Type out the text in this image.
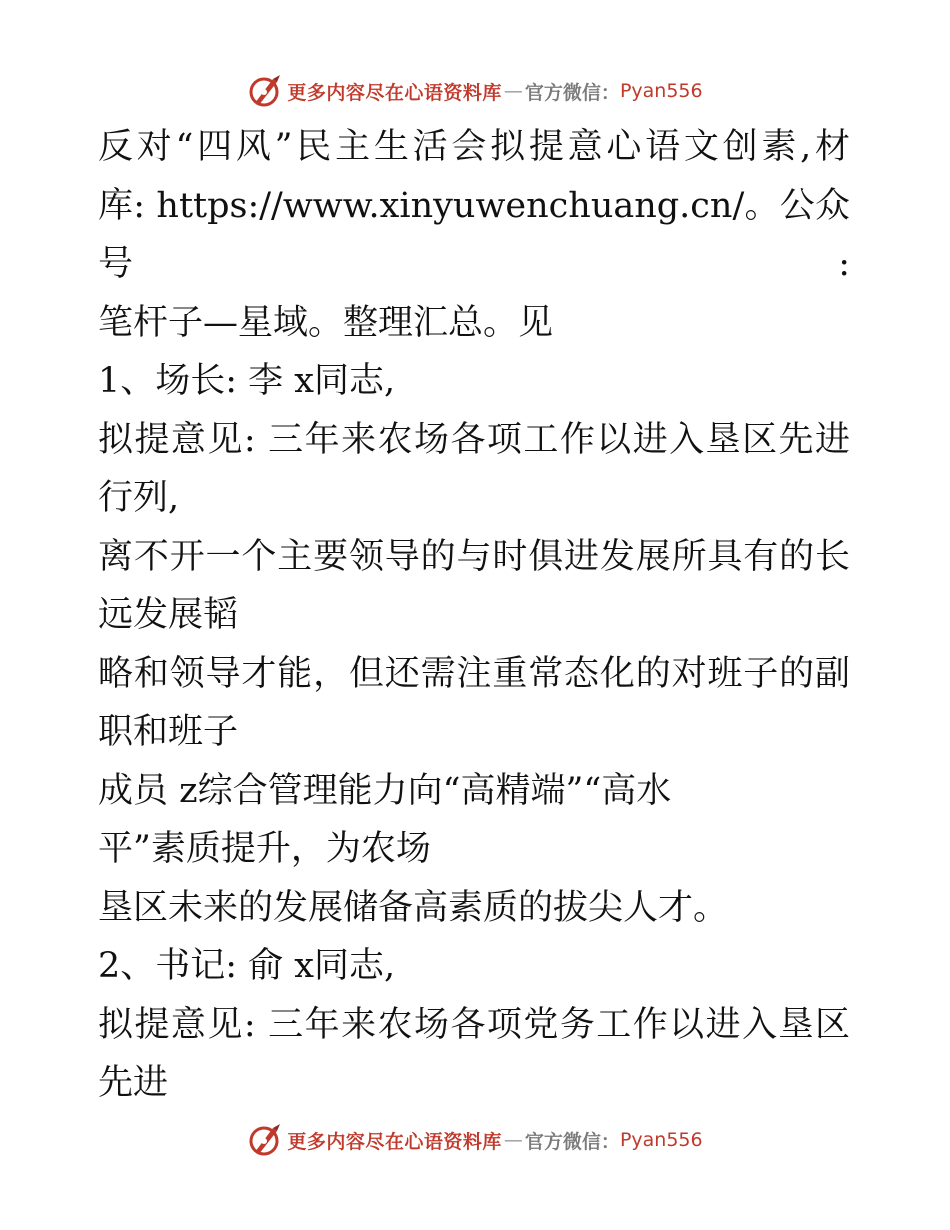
更多内容尽在心语资料库 — 官方微信： Pyan556

反对“四风”民主生活会拟提意心语文创素,材

库: https://www.xinyuwenchuang.cn/。公众号:

笔杆子—星域。整理汇总。见

1、场长: 李 x同志,

拟提意见: 三年来农场各项工作以进入垦区先进

行列,

离不开一个主要领导的与时俱进发展所具有的长

远发展韬

略和领导才能，但还需注重常态化的对班子的副

职和班子

成员 z综合管理能力向“高精端”“高水

平”素质提升，为农场

垦区未来的发展储备高素质的拔尖人才。

2、书记: 俞 x同志,

拟提意见: 三年来农场各项党务工作以进入垦区

先进

更多内容尽在心语资料库 — 官方微信： Pyan556
